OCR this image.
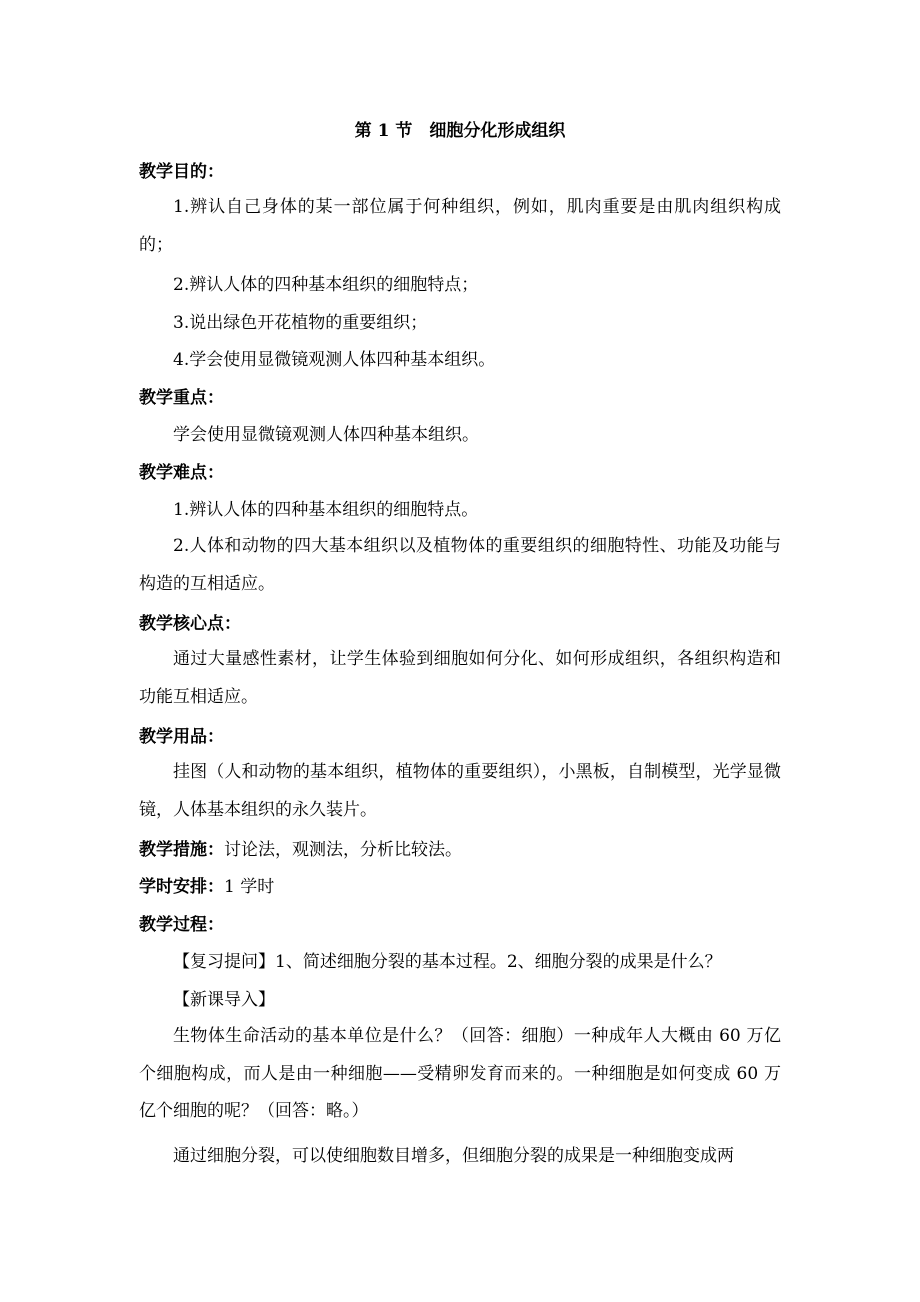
第 1 节　细胞分化形成组织
教学目的：

1.辨认自己身体的某一部位属于何种组织，例如，肌肉重要是由肌肉组织构成的；

2.辨认人体的四种基本组织的细胞特点；
3.说出绿色开花植物的重要组织；
4.学会使用显微镜观测人体四种基本组织。
教学重点：
学会使用显微镜观测人体四种基本组织。
教学难点：
1.辨认人体的四种基本组织的细胞特点。

2.人体和动物的四大基本组织以及植物体的重要组织的细胞特性、功能及功能与构造的互相适应。

教学核心点：

通过大量感性素材，让学生体验到细胞如何分化、如何形成组织，各组织构造和功能互相适应。

教学用品：

挂图（人和动物的基本组织，植物体的重要组织），小黑板，自制模型，光学显微镜，人体基本组织的永久装片。

教学措施：讨论法，观测法，分析比较法。
学时安排：1 学时
教学过程：
【复习提问】1、简述细胞分裂的基本过程。2、细胞分裂的成果是什么？
【新课导入】

生物体生命活动的基本单位是什么？（回答：细胞）一种成年人大概由 60 万亿个细胞构成，而人是由一种细胞——受精卵发育而来的。一种细胞是如何变成 60 万亿个细胞的呢？（回答：略。）

通过细胞分裂，可以使细胞数目增多，但细胞分裂的成果是一种细胞变成两
